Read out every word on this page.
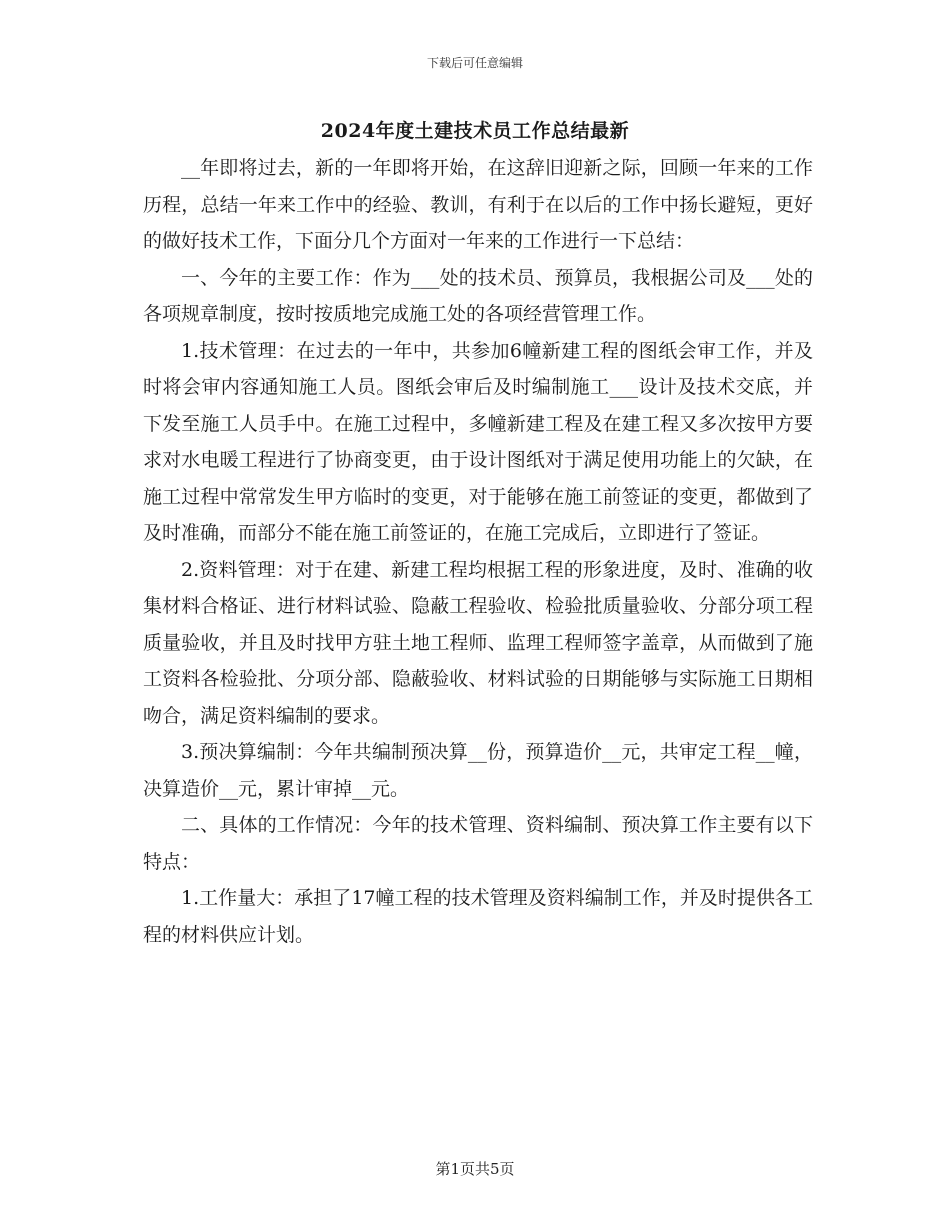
下载后可任意编辑
2024年度土建技术员工作总结最新

__年即将过去，新的一年即将开始，在这辞旧迎新之际，回顾一年来的工作历程，总结一年来工作中的经验、教训，有利于在以后的工作中扬长避短，更好的做好技术工作，下面分几个方面对一年来的工作进行一下总结：

一、今年的主要工作：作为___处的技术员、预算员，我根据公司及___处的各项规章制度，按时按质地完成施工处的各项经营管理工作。

1.技术管理：在过去的一年中，共参加6幢新建工程的图纸会审工作，并及时将会审内容通知施工人员。图纸会审后及时编制施工___设计及技术交底，并下发至施工人员手中。在施工过程中，多幢新建工程及在建工程又多次按甲方要求对水电暖工程进行了协商变更，由于设计图纸对于满足使用功能上的欠缺，在施工过程中常常发生甲方临时的变更，对于能够在施工前签证的变更，都做到了及时准确，而部分不能在施工前签证的，在施工完成后，立即进行了签证。

2.资料管理：对于在建、新建工程均根据工程的形象进度，及时、准确的收集材料合格证、进行材料试验、隐蔽工程验收、检验批质量验收、分部分项工程质量验收，并且及时找甲方驻土地工程师、监理工程师签字盖章，从而做到了施工资料各检验批、分项分部、隐蔽验收、材料试验的日期能够与实际施工日期相吻合，满足资料编制的要求。

3.预决算编制：今年共编制预决算__份，预算造价__元，共审定工程__幢，决算造价__元，累计审掉__元。

二、具体的工作情况：今年的技术管理、资料编制、预决算工作主要有以下特点：

1.工作量大：承担了17幢工程的技术管理及资料编制工作，并及时提供各工程的材料供应计划。

第1页共5页
